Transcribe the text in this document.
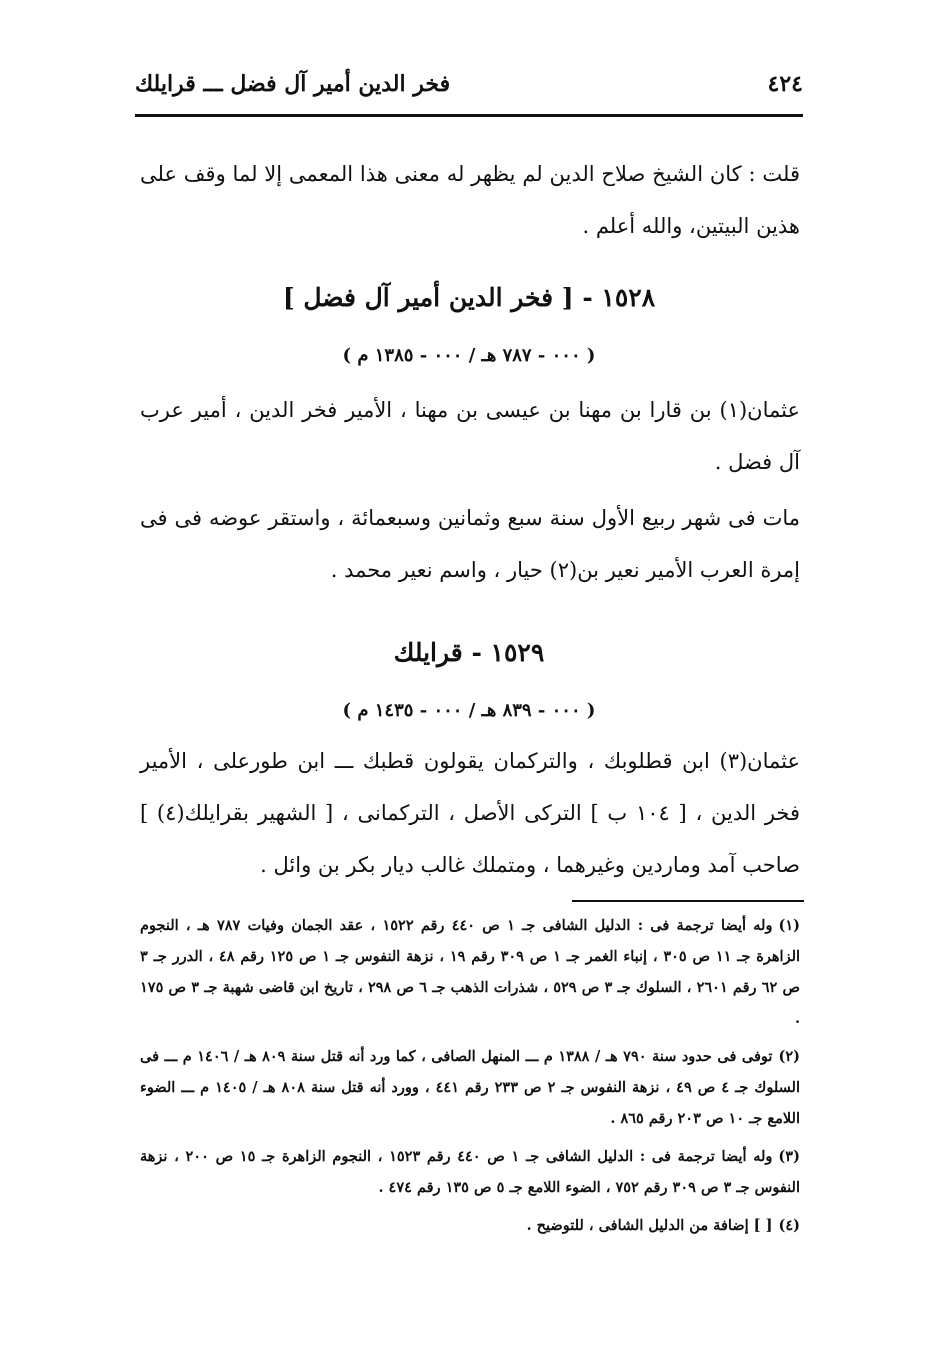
٤٢٤
فخر الدين أمير آل فضل ـــ قرايلك
قلت : كان الشيخ صلاح الدين لم يظهر له معنى هذا المعمى إلا لما وقف على هذين البيتين، والله أعلم .
١٥٢٨ - [ فخر الدين أمير آل فضل ]
( ٠٠٠ - ٧٨٧ هـ / ٠٠٠ - ١٣٨٥ م )
عثمان(١) بن قارا بن مهنا بن عيسى بن مهنا ، الأمير فخر الدين ، أمير عرب آل فضل .
مات فى شهر ربيع الأول سنة سبع وثمانين وسبعمائة ، واستقر عوضه فى فى إمرة العرب الأمير نعير بن(٢) حيار ، واسم نعير محمد .
١٥٢٩ - قرايلك
( ٠٠٠ - ٨٣٩ هـ / ٠٠٠ - ١٤٣٥ م )
عثمان(٣) ابن قطلوبك ، والتركمان يقولون قطبك ـــ ابن طورعلى ، الأمير فخر الدين ، [ ١٠٤ ب ] التركى الأصل ، التركمانى ، [ الشهير بقرايلك(٤) ] صاحب آمد وماردين وغيرهما ، ومتملك غالب ديار بكر بن وائل .
(١)وله أيضا ترجمة فى : الدليل الشافى جـ ١ ص ٤٤٠ رقم ١٥٢٢ ، عقد الجمان وفيات ٧٨٧ هـ ، النجوم الزاهرة جـ ١١ ص ٣٠٥ ، إنباء الغمر جـ ١ ص ٣٠٩ رقم ١٩ ، نزهة النفوس جـ ١ ص ١٢٥ رقم ٤٨ ، الدرر جـ ٣ ص ٦٢ رقم ٢٦٠١ ، السلوك جـ ٣ ص ٥٢٩ ، شذرات الذهب جـ ٦ ص ٢٩٨ ، تاريخ ابن قاضى شهبة جـ ٣ ص ١٧٥ .
(٢)توفى فى حدود سنة ٧٩٠ هـ / ١٣٨٨ م ـــ المنهل الصافى ، كما ورد أنه قتل سنة ٨٠٩ هـ / ١٤٠٦ م ـــ فى السلوك جـ ٤ ص ٤٩ ، نزهة النفوس جـ ٢ ص ٢٣٣ رقم ٤٤١ ، وورد أنه قتل سنة ٨٠٨ هـ / ١٤٠٥ م ـــ الضوء اللامع جـ ١٠ ص ٢٠٣ رقم ٨٦٥ .
(٣)وله أيضا ترجمة فى : الدليل الشافى جـ ١ ص ٤٤٠ رقم ١٥٢٣ ، النجوم الزاهرة جـ ١٥ ص ٢٠٠ ، نزهة النفوس جـ ٣ ص ٣٠٩ رقم ٧٥٢ ، الضوء اللامع جـ ٥ ص ١٣٥ رقم ٤٧٤ .
(٤)[ ] إضافة من الدليل الشافى ، للتوضيح .
